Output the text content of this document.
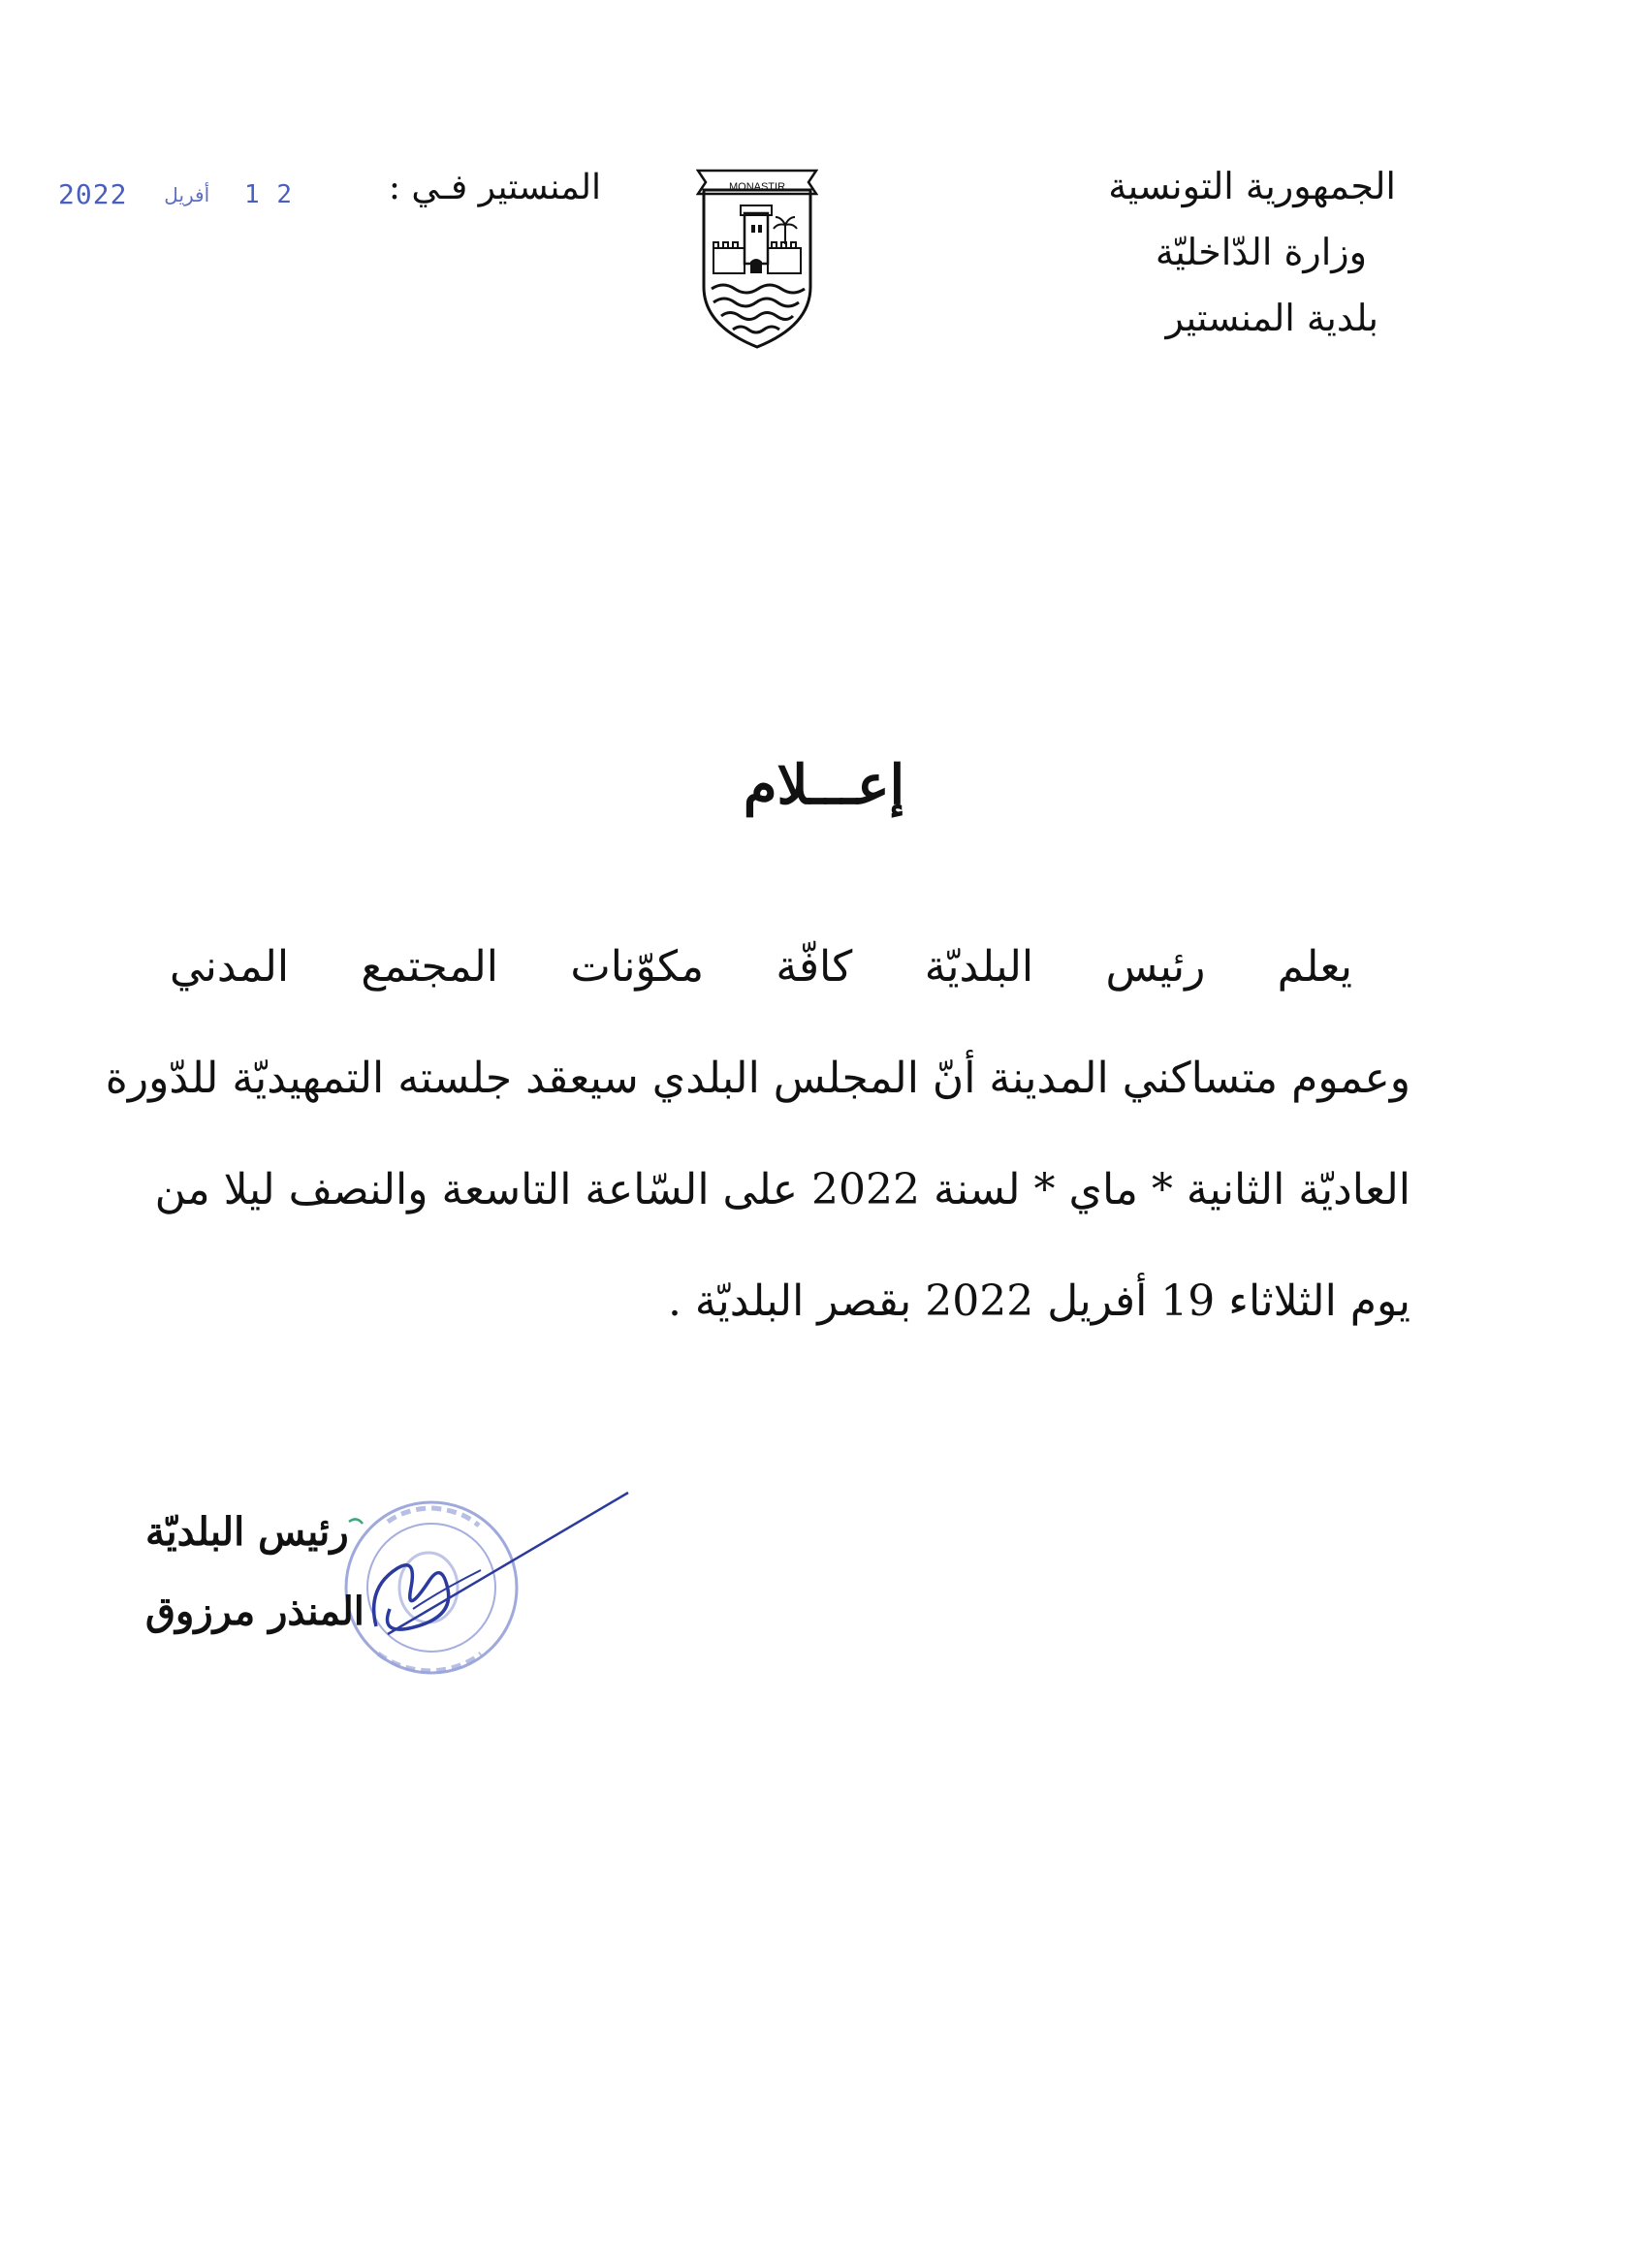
الجمهورية التونسية
وزارة الدّاخليّة
بلدية المنستير
MONASTIR
المنستير فـي :
2022 أفريل 1 2
إعـــلام
يعلم رئيس البلديّة كافّة مكوّنات المجتمع المدني
وعموم متساكني المدينة أنّ المجلس البلدي سيعقد جلسته التمهيديّة للدّورة
العاديّة الثانية * ماي * لسنة 2022 على السّاعة التاسعة والنصف ليلا من
يوم الثلاثاء 19 أفريل 2022 بقصر البلديّة .
رئيس البلديّة
المنذر مرزوق
